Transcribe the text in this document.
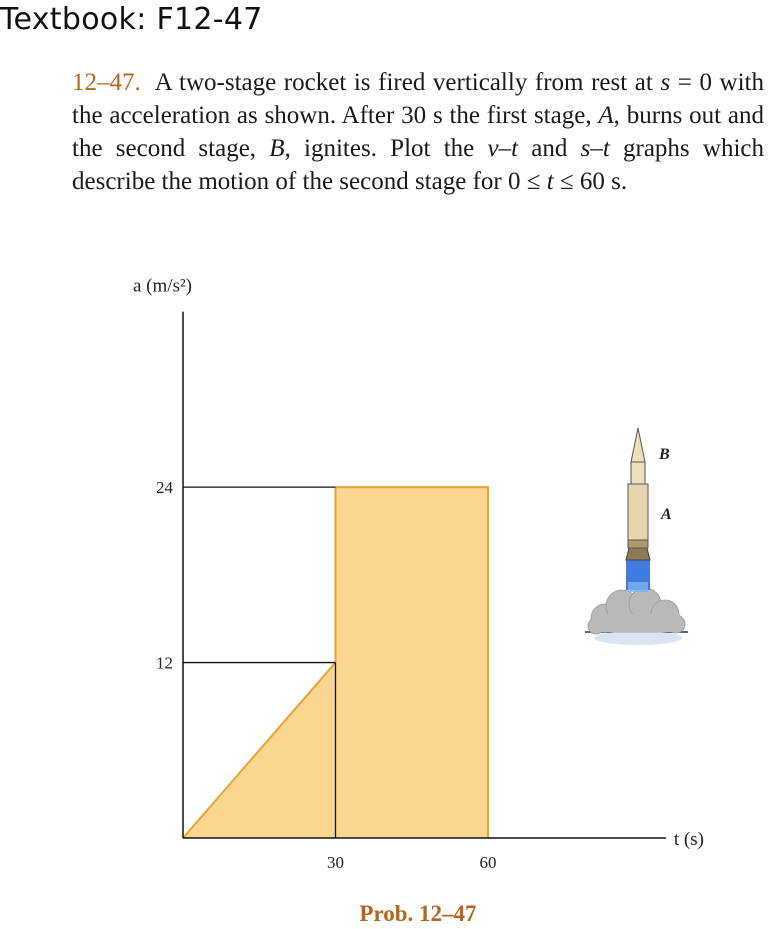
Textbook: F12-47
12–47. A two-stage rocket is fired vertically from rest at s = 0 with the acceleration as shown. After 30 s the first stage, A, burns out and the second stage, B, ignites. Plot the v–t and s–t graphs which describe the motion of the second stage for 0 ≤ t ≤ 60 s.
B
A
Prob. 12–47
12
24
30	60
a (m/s²)
t (s)
